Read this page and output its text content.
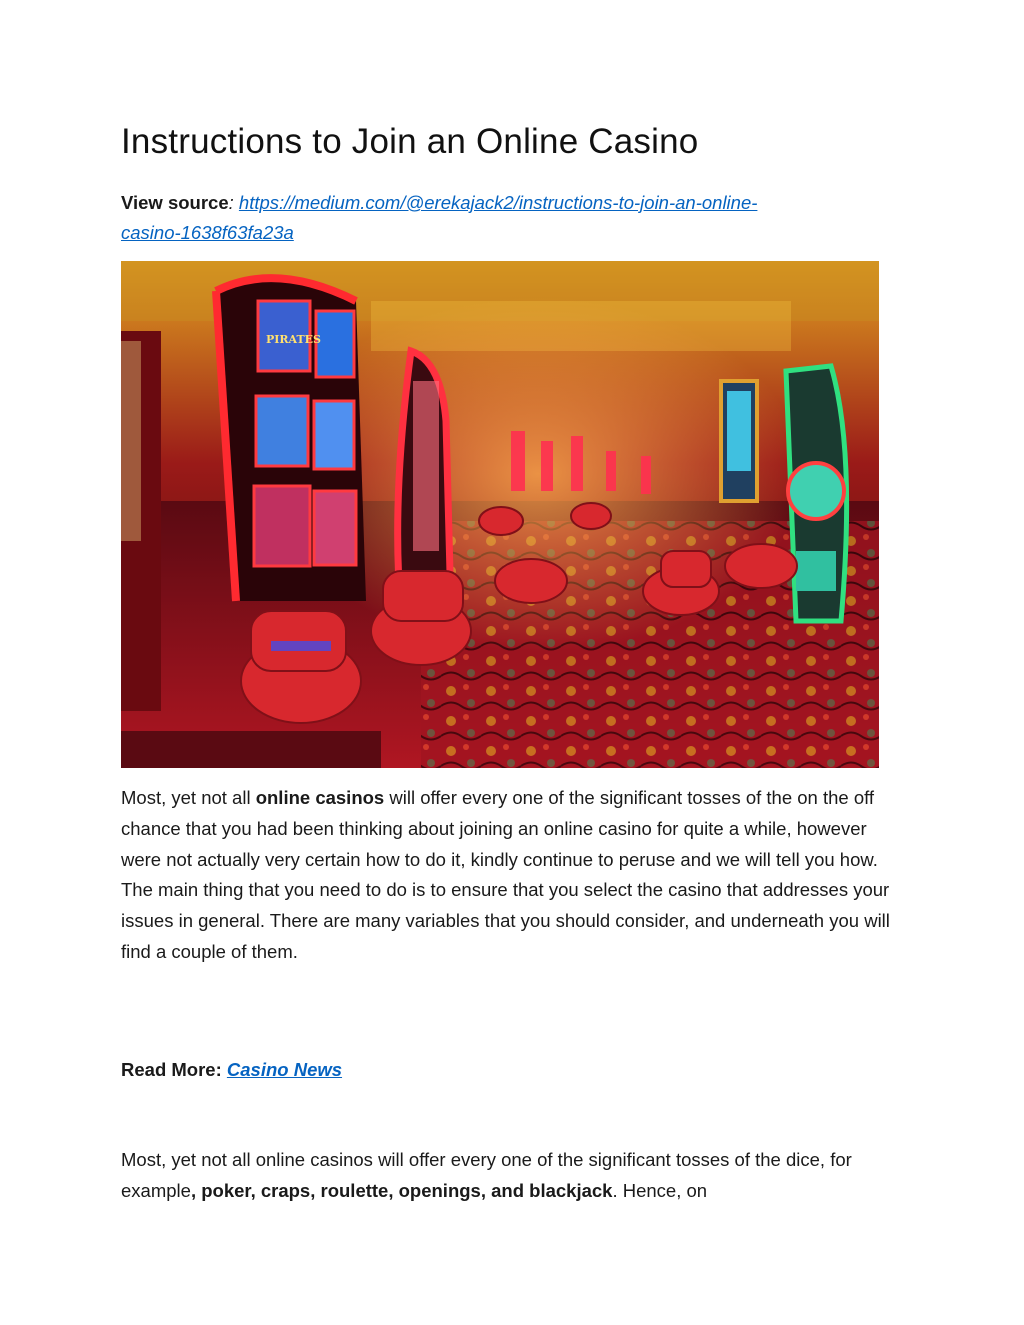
Instructions to Join an Online Casino
View source: https://medium.com/@erekajack2/instructions-to-join-an-online-
casino-1638f63fa23a
PIRATES

Most, yet not all online casinos will offer every one of the significant tosses of the on the off chance that you had been thinking about joining an online casino for quite a while, however were not actually very certain how to do it, kindly continue to peruse and we will tell you how. The main thing that you need to do is to ensure that you select the casino that addresses your issues in general. There are many variables that you should consider, and underneath you will find a couple of them.

Read More: Casino News

Most, yet not all online casinos will offer every one of the significant tosses of the dice, for example, poker, craps, roulette, openings, and blackjack. Hence, on
